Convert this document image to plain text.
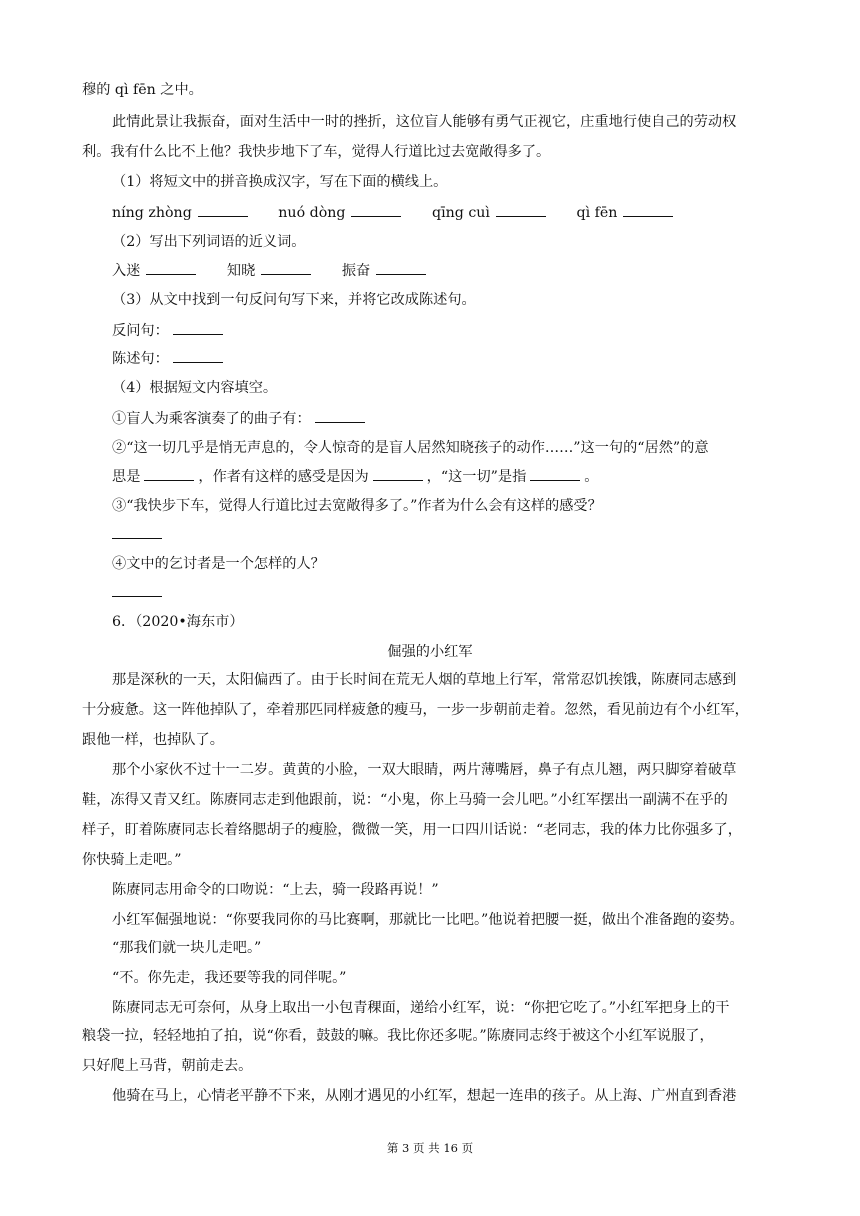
穆的 qì fēn 之中。
此情此景让我振奋，面对生活中一时的挫折，这位盲人能够有勇气正视它，庄重地行使自己的劳动权
利。我有什么比不上他？我快步地下了车，觉得人行道比过去宽敞得多了。
（1）将短文中的拼音换成汉字，写在下面的横线上。
níng zhòng	nuó dòng	qīng cuì	qì fēn
（2）写出下列词语的近义词。
入迷	知晓	振奋
（3）从文中找到一句反问句写下来，并将它改成陈述句。
反问句：
陈述句：
（4）根据短文内容填空。
①盲人为乘客演奏了的曲子有：
②“这一切几乎是悄无声息的，令人惊奇的是盲人居然知晓孩子的动作……”这一句的“居然”的意
思是	，作者有这样的感受是因为	，“这一切”是指	。
③“我快步下车，觉得人行道比过去宽敞得多了。”作者为什么会有这样的感受？
④文中的乞讨者是一个怎样的人？
6．（2020•海东市）
倔强的小红军
那是深秋的一天，太阳偏西了。由于长时间在荒无人烟的草地上行军，常常忍饥挨饿，陈赓同志感到
十分疲惫。这一阵他掉队了，牵着那匹同样疲惫的瘦马，一步一步朝前走着。忽然，看见前边有个小红军，
跟他一样，也掉队了。
那个小家伙不过十一二岁。黄黄的小脸，一双大眼睛，两片薄嘴唇，鼻子有点儿翘，两只脚穿着破草
鞋，冻得又青又红。陈赓同志走到他跟前，说：“小鬼，你上马骑一会儿吧。”小红军摆出一副满不在乎的
样子，盯着陈赓同志长着络腮胡子的瘦脸，微微一笑，用一口四川话说：“老同志，我的体力比你强多了，
你快骑上走吧。”
陈赓同志用命令的口吻说：“上去，骑一段路再说！”
小红军倔强地说：“你要我同你的马比赛啊，那就比一比吧。”他说着把腰一挺，做出个准备跑的姿势。
“那我们就一块儿走吧。”
“不。你先走，我还要等我的同伴呢。”
陈赓同志无可奈何，从身上取出一小包青稞面，递给小红军，说：“你把它吃了。”小红军把身上的干
粮袋一拉，轻轻地拍了拍，说“你看，鼓鼓的嘛。我比你还多呢。”陈赓同志终于被这个小红军说服了，
只好爬上马背，朝前走去。
他骑在马上，心情老平静不下来，从刚才遇见的小红军，想起一连串的孩子。从上海、广州直到香港
第 3 页 共 16 页
